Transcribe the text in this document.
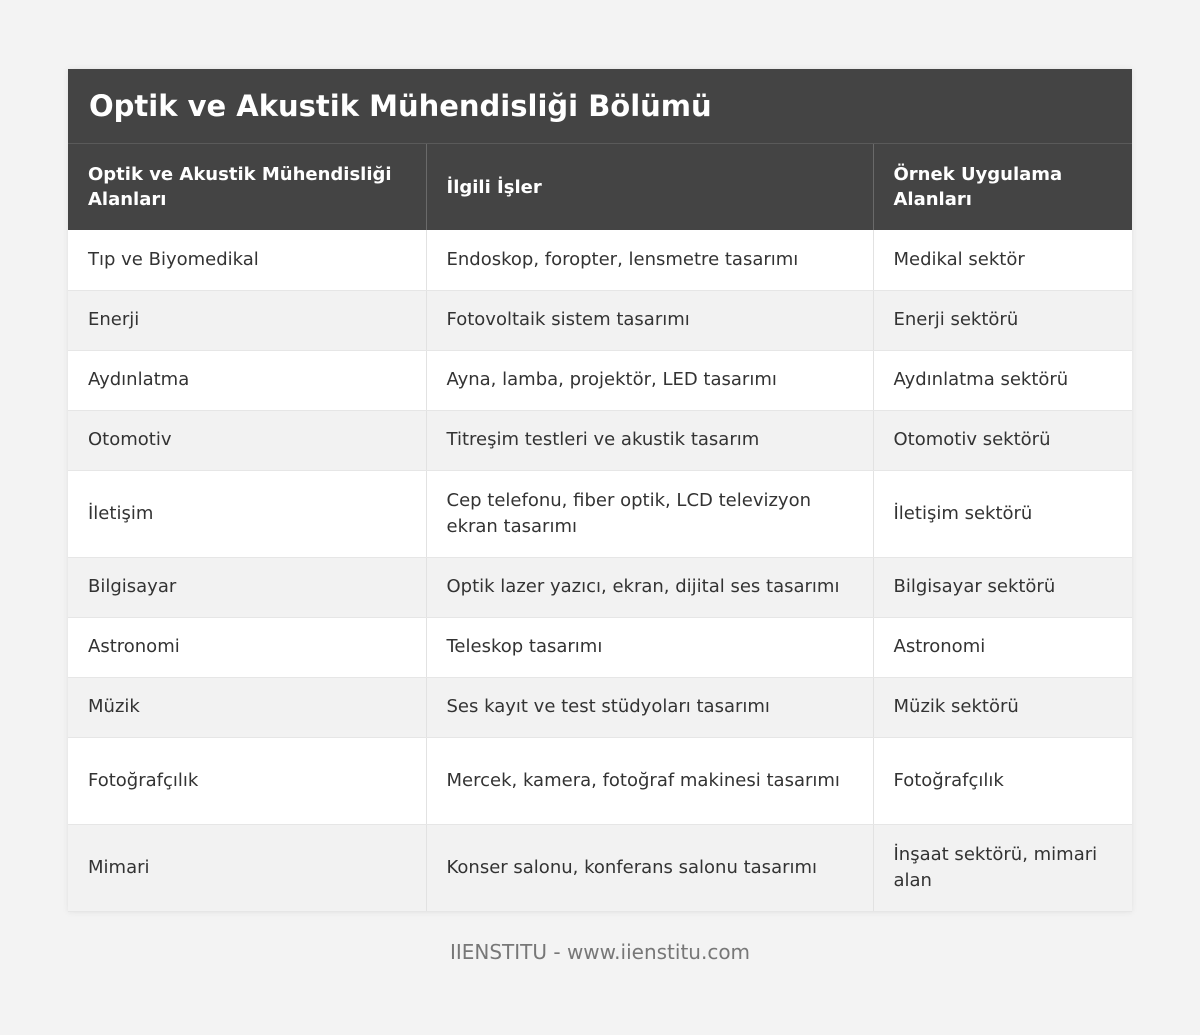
Optik ve Akustik Mühendisliği Bölümü
Optik ve Akustik Mühendisliği Alanları	İlgili İşler	Örnek Uygulama Alanları
Tıp ve Biyomedikal	Endoskop, foropter, lensmetre tasarımı	Medikal sektör
Enerji	Fotovoltaik sistem tasarımı	Enerji sektörü
Aydınlatma	Ayna, lamba, projektör, LED tasarımı	Aydınlatma sektörü
Otomotiv	Titreşim testleri ve akustik tasarım	Otomotiv sektörü
İletişim	Cep telefonu, fiber optik, LCD televizyon ekran tasarımı	İletişim sektörü
Bilgisayar	Optik lazer yazıcı, ekran, dijital ses tasarımı	Bilgisayar sektörü
Astronomi	Teleskop tasarımı	Astronomi
Müzik	Ses kayıt ve test stüdyoları tasarımı	Müzik sektörü
Fotoğrafçılık	Mercek, kamera, fotoğraf makinesi tasarımı	Fotoğrafçılık
Mimari	Konser salonu, konferans salonu tasarımı	İnşaat sektörü, mimari alan
IIENSTITU - www.iienstitu.com
